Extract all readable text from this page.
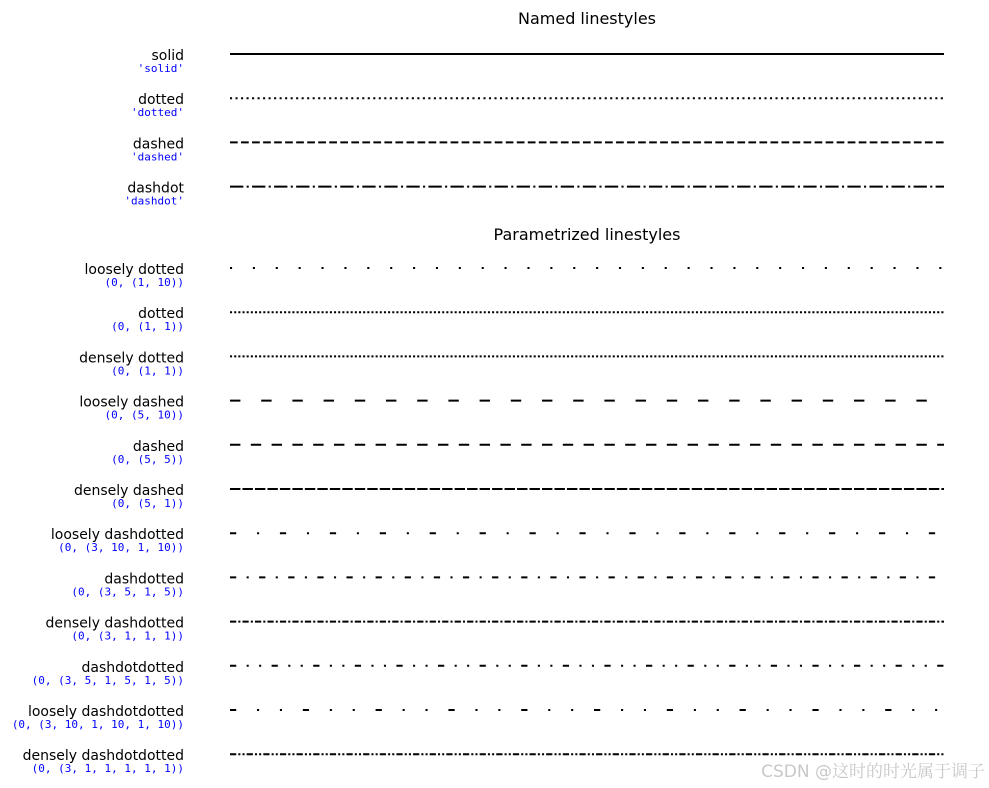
Named linestyles
solid
'solid'
dotted
'dotted'
dashed
'dashed'
dashdot
'dashdot'
Parametrized linestyles
loosely dotted
(0, (1, 10))
dotted
(0, (1, 1))
densely dotted
(0, (1, 1))
loosely dashed
(0, (5, 10))
dashed
(0, (5, 5))
densely dashed
(0, (5, 1))
loosely dashdotted
(0, (3, 10, 1, 10))
dashdotted
(0, (3, 5, 1, 5))
densely dashdotted
(0, (3, 1, 1, 1))
dashdotdotted
(0, (3, 5, 1, 5, 1, 5))
loosely dashdotdotted
(0, (3, 10, 1, 10, 1, 10))
densely dashdotdotted
(0, (3, 1, 1, 1, 1, 1))	CSDN @这时的时光属于调子
